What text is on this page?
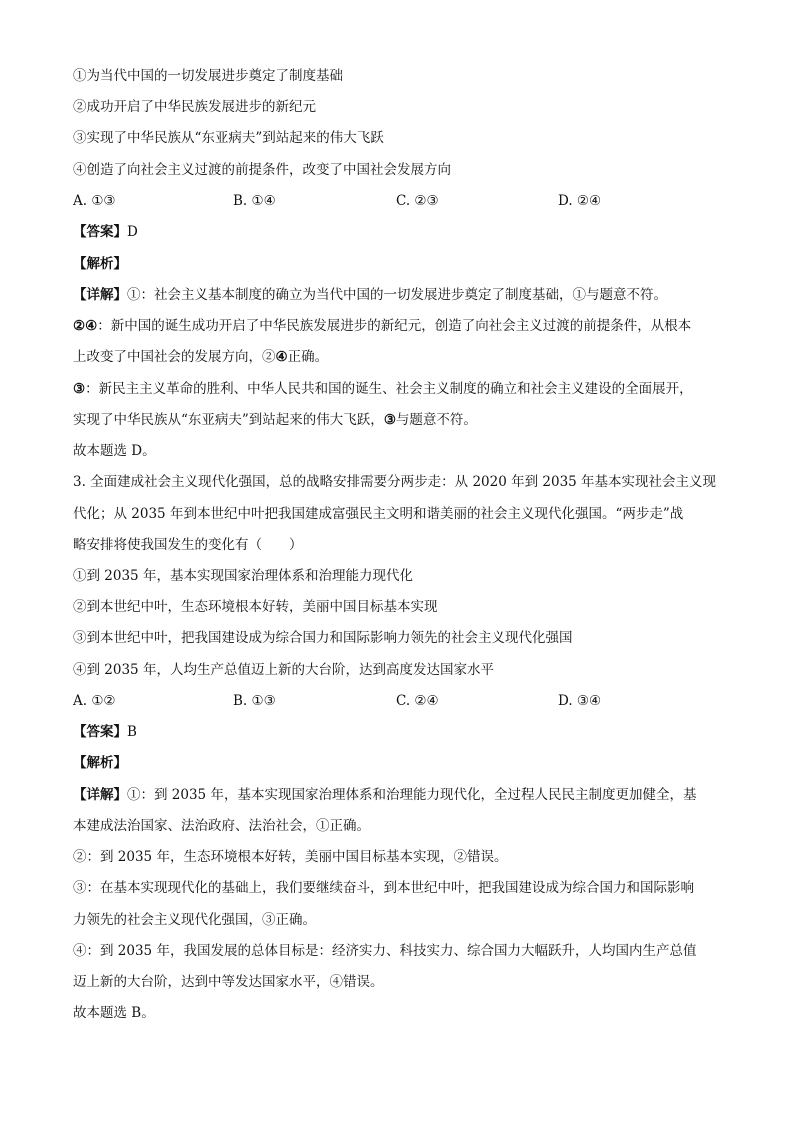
①为当代中国的一切发展进步奠定了制度基础
②成功开启了中华民族发展进步的新纪元
③实现了中华民族从“东亚病夫”到站起来的伟大飞跃
④创造了向社会主义过渡的前提条件，改变了中国社会发展方向
A. ①③	B. ①④	C. ②③	D. ②④
【答案】D
【解析】
【详解】①：社会主义基本制度的确立为当代中国的一切发展进步奠定了制度基础，①与题意不符。
②④：新中国的诞生成功开启了中华民族发展进步的新纪元，创造了向社会主义过渡的前提条件，从根本
上改变了中国社会的发展方向，②④正确。
③：新民主主义革命的胜利、中华人民共和国的诞生、社会主义制度的确立和社会主义建设的全面展开，
实现了中华民族从“东亚病夫”到站起来的伟大飞跃，③与题意不符。
故本题选 D。
3. 全面建成社会主义现代化强国，总的战略安排需要分两步走：从 2020 年到 2035 年基本实现社会主义现
代化；从 2035 年到本世纪中叶把我国建成富强民主文明和谐美丽的社会主义现代化强国。“两步走”战
略安排将使我国发生的变化有（　　）
①到 2035 年，基本实现国家治理体系和治理能力现代化
②到本世纪中叶，生态环境根本好转，美丽中国目标基本实现
③到本世纪中叶，把我国建设成为综合国力和国际影响力领先的社会主义现代化强国
④到 2035 年，人均生产总值迈上新的大台阶，达到高度发达国家水平
A. ①②	B. ①③	C. ②④	D. ③④
【答案】B
【解析】
【详解】①：到 2035 年，基本实现国家治理体系和治理能力现代化，全过程人民民主制度更加健全，基
本建成法治国家、法治政府、法治社会，①正确。
②：到 2035 年，生态环境根本好转，美丽中国目标基本实现，②错误。
③：在基本实现现代化的基础上，我们要继续奋斗，到本世纪中叶，把我国建设成为综合国力和国际影响
力领先的社会主义现代化强国，③正确。
④：到 2035 年，我国发展的总体目标是：经济实力、科技实力、综合国力大幅跃升，人均国内生产总值
迈上新的大台阶，达到中等发达国家水平，④错误。
故本题选 B。
